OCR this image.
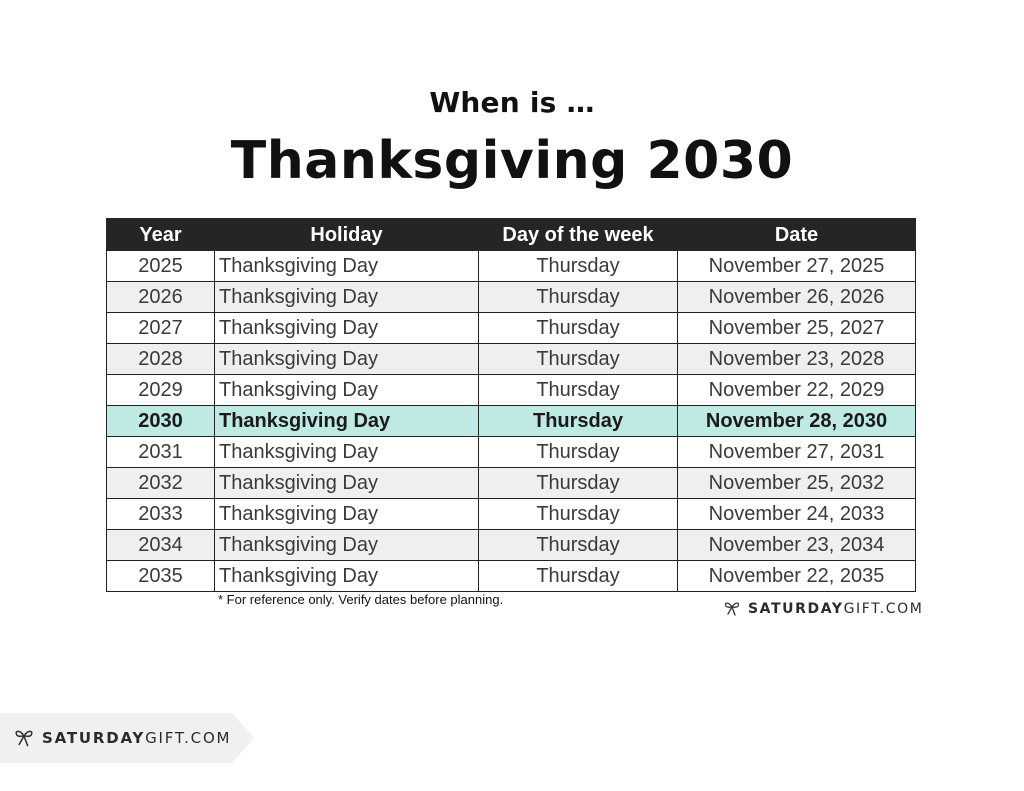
When is …
Thanksgiving 2030
Year	Holiday	Day of the week	Date
2025	Thanksgiving Day	Thursday	November 27, 2025
2026	Thanksgiving Day	Thursday	November 26, 2026
2027	Thanksgiving Day	Thursday	November 25, 2027
2028	Thanksgiving Day	Thursday	November 23, 2028
2029	Thanksgiving Day	Thursday	November 22, 2029
2030	Thanksgiving Day	Thursday	November 28, 2030
2031	Thanksgiving Day	Thursday	November 27, 2031
2032	Thanksgiving Day	Thursday	November 25, 2032
2033	Thanksgiving Day	Thursday	November 24, 2033
2034	Thanksgiving Day	Thursday	November 23, 2034
2035	Thanksgiving Day	Thursday	November 22, 2035
* For reference only. Verify dates before planning.
SATURDAYGIFT.COM
SATURDAYGIFT.COM
